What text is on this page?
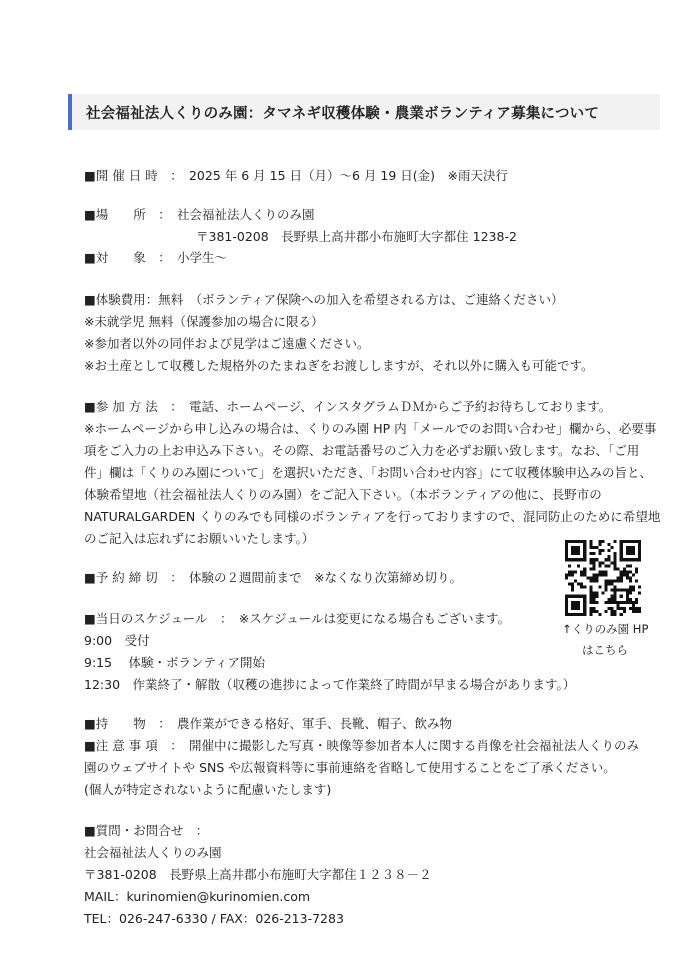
社会福祉法人くりのみ園：タマネギ収穫体験・農業ボランティア募集について
■開 催 日 時　：　2025 年 6 月 15 日（月）～6 月 19 日(金)　※雨天決行
■場　　所　：　社会福祉法人くりのみ園
〒381-0208　長野県上高井郡小布施町大字都住 1238-2
■対　　象　：　小学生～
■体験費用：無料　（ボランティア保険への加入を希望される方は、ご連絡ください）
※未就学児 無料（保護参加の場合に限る）
※参加者以外の同伴および見学はご遠慮ください。
※お土産として収穫した規格外のたまねぎをお渡ししますが、それ以外に購入も可能です。
■参 加 方 法　：　電話、ホームページ、インスタグラムＤＭからご予約お待ちしております。
※ホームページから申し込みの場合は、くりのみ園 HP 内「メールでのお問い合わせ」欄から、必要事
項をご入力の上お申込み下さい。その際、お電話番号のご入力を必ずお願い致します。なお、「ご用
件」欄は「くりのみ園について」を選択いただき、「お問い合わせ内容」にて収穫体験申込みの旨と、
体験希望地（社会福祉法人くりのみ園）をご記入下さい。（本ボランティアの他に、長野市の
NATURALGARDEN くりのみでも同様のボランティアを行っておりますので、混同防止のために希望地
のご記入は忘れずにお願いいたします。）
■予 約 締 切　：　体験の２週間前まで　※なくなり次第締め切り。
■当日のスケジュール　：　※スケジュールは変更になる場合もございます。
9:00　受付
9:15　 体験・ボランティア開始
12:30　作業終了・解散（収穫の進捗によって作業終了時間が早まる場合があります。）
■持　　物　：　農作業ができる格好、軍手、長靴、帽子、飲み物
■注 意 事 項　：　開催中に撮影した写真・映像等参加者本人に関する肖像を社会福祉法人くりのみ
園のウェブサイトや SNS や広報資料等に事前連絡を省略して使用することをご了承ください。
(個人が特定されないように配慮いたします)
■質問・お問合せ　：
社会福祉法人くりのみ園
〒381-0208　長野県上高井郡小布施町大字都住１２３８－２
MAIL：kurinomien@kurinomien.com
TEL：026-247-6330 / FAX：026-213-7283
↑くりのみ園 HP
はこちら
